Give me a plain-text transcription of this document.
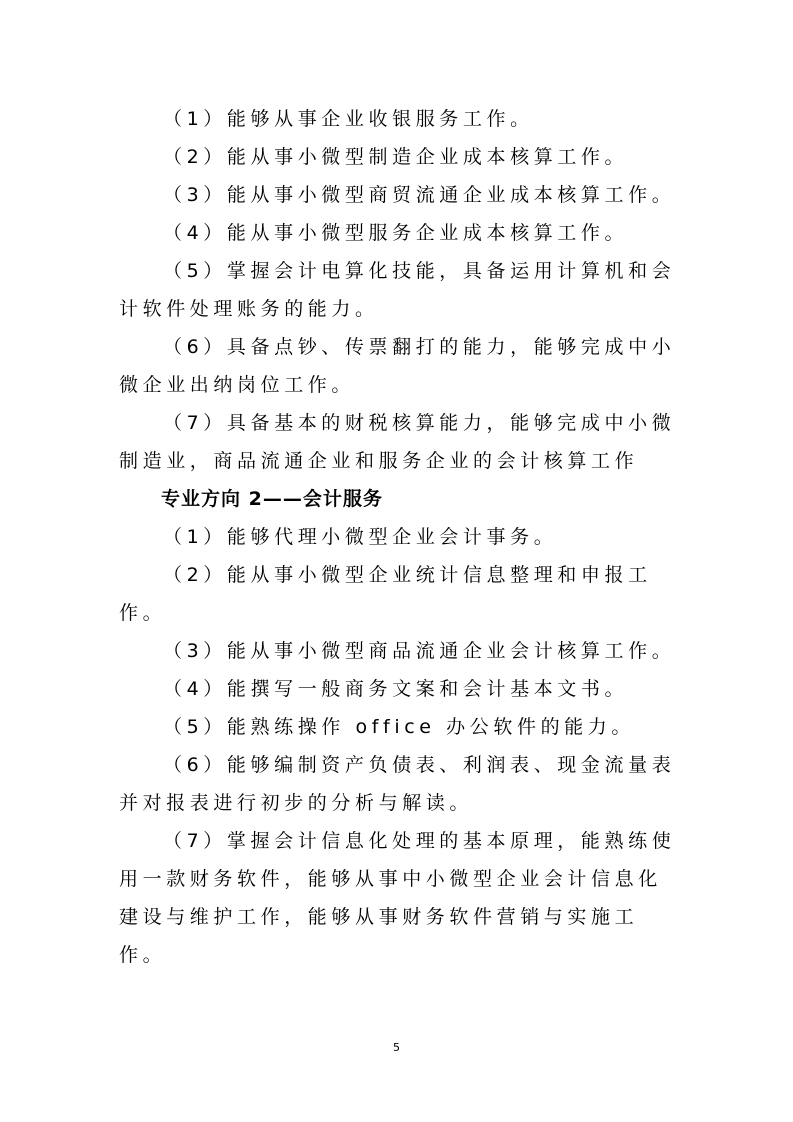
（1）能够从事企业收银服务工作。

（2）能从事小微型制造企业成本核算工作。

（3）能从事小微型商贸流通企业成本核算工作。

（4）能从事小微型服务企业成本核算工作。

（5）掌握会计电算化技能，具备运用计算机和会计软件处理账务的能力。

（6）具备点钞、传票翻打的能力，能够完成中小微企业出纳岗位工作。

（7）具备基本的财税核算能力，能够完成中小微制造业，商品流通企业和服务企业的会计核算工作

专业方向 2——会计服务

（1）能够代理小微型企业会计事务。

（2）能从事小微型企业统计信息整理和申报工作。

（3）能从事小微型商品流通企业会计核算工作。

（4）能撰写一般商务文案和会计基本文书。

（5）能熟练操作 office 办公软件的能力。

（6）能够编制资产负债表、利润表、现金流量表并对报表进行初步的分析与解读。

（7）掌握会计信息化处理的基本原理，能熟练使用一款财务软件，能够从事中小微型企业会计信息化建设与维护工作，能够从事财务软件营销与实施工作。

5
